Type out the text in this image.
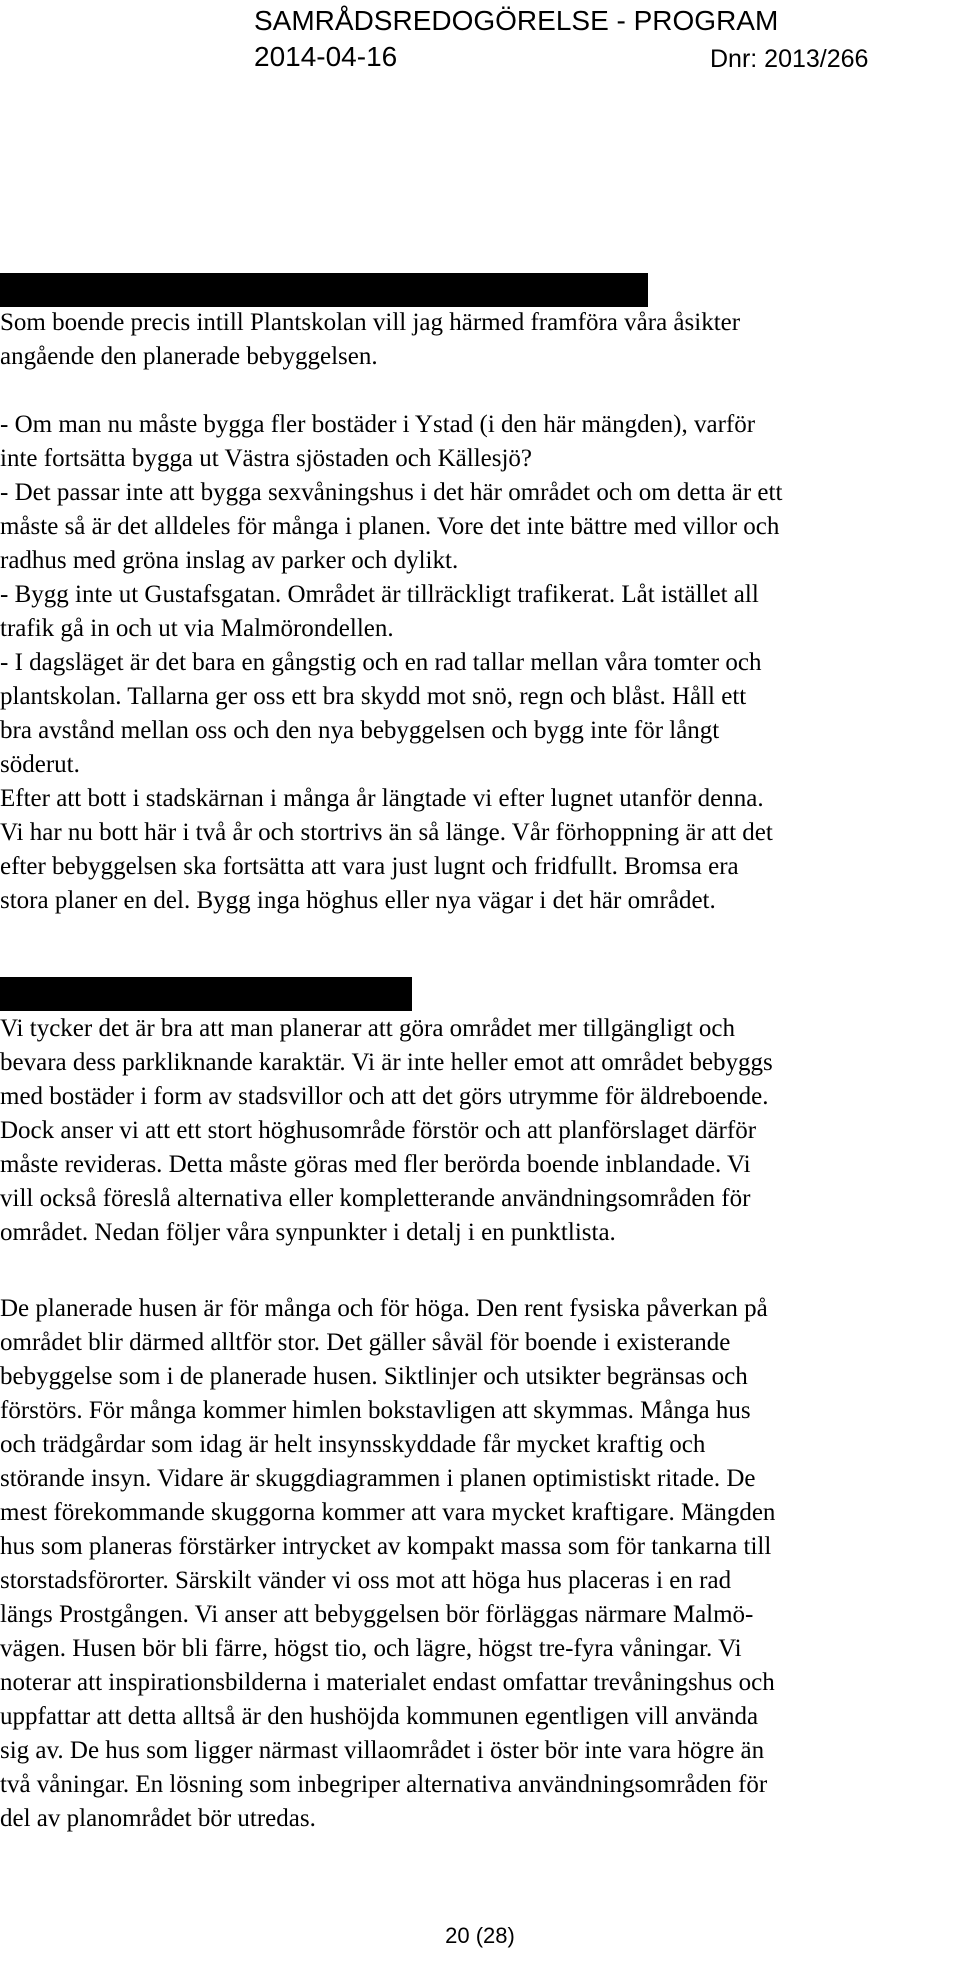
SAMRÅDSREDOGÖRELSE - PROGRAM
2014-04-16	Dnr: 2013/266

Som boende precis intill Plantskolan vill jag härmed framföra våra åsikter
angående den planerade bebyggelsen.

- Om man nu måste bygga fler bostäder i Ystad (i den här mängden), varför
inte fortsätta bygga ut Västra sjöstaden och Källesjö?

- Det passar inte att bygga sexvåningshus i det här området och om detta är ett
måste så är det alldeles för många i planen. Vore det inte bättre med villor och
radhus med gröna inslag av parker och dylikt.

- Bygg inte ut Gustafsgatan. Området är tillräckligt trafikerat. Låt istället all
trafik gå in och ut via Malmörondellen.

- I dagsläget är det bara en gångstig och en rad tallar mellan våra tomter och
plantskolan. Tallarna ger oss ett bra skydd mot snö, regn och blåst. Håll ett
bra avstånd mellan oss och den nya bebyggelsen och bygg inte för långt
söderut.

Efter att bott i stadskärnan i många år längtade vi efter lugnet utanför denna.
Vi har nu bott här i två år och stortrivs än så länge. Vår förhoppning är att det
efter bebyggelsen ska fortsätta att vara just lugnt och fridfullt. Bromsa era
stora planer en del. Bygg inga höghus eller nya vägar i det här området.

Vi tycker det är bra att man planerar att göra området mer tillgängligt och
bevara dess parkliknande karaktär. Vi är inte heller emot att området bebyggs
med bostäder i form av stadsvillor och att det görs utrymme för äldreboende.
Dock anser vi att ett stort höghusområde förstör och att planförslaget därför
måste revideras. Detta måste göras med fler berörda boende inblandade. Vi
vill också föreslå alternativa eller kompletterande användningsområden för
området. Nedan följer våra synpunkter i detalj i en punktlista.

De planerade husen är för många och för höga. Den rent fysiska påverkan på
området blir därmed alltför stor. Det gäller såväl för boende i existerande
bebyggelse som i de planerade husen. Siktlinjer och utsikter begränsas och
förstörs. För många kommer himlen bokstavligen att skymmas. Många hus
och trädgårdar som idag är helt insynsskyddade får mycket kraftig och
störande insyn. Vidare är skuggdiagrammen i planen optimistiskt ritade. De
mest förekommande skuggorna kommer att vara mycket kraftigare. Mängden
hus som planeras förstärker intrycket av kompakt massa som för tankarna till
storstadsförorter. Särskilt vänder vi oss mot att höga hus placeras i en rad
längs Prostgången. Vi anser att bebyggelsen bör förläggas närmare Malmö-
vägen. Husen bör bli färre, högst tio, och lägre, högst tre-fyra våningar. Vi
noterar att inspirationsbilderna i materialet endast omfattar trevåningshus och
uppfattar att detta alltså är den hushöjda kommunen egentligen vill använda
sig av. De hus som ligger närmast villaområdet i öster bör inte vara högre än
två våningar. En lösning som inbegriper alternativa användningsområden för
del av planområdet bör utredas.

20 (28)
